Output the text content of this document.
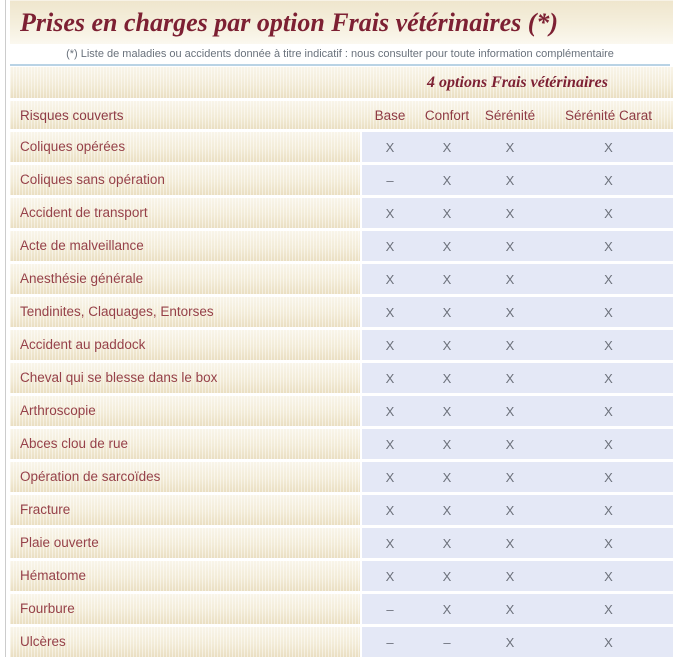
Prises en charges par option Frais vétérinaires (*)
(*) Liste de maladies ou accidents donnée à titre indicatif : nous consulter pour toute information complémentaire
4 options Frais vétérinaires
Risques couverts	Base	Confort	Sérénité	Sérénité Carat
Coliques opérées	X	X	X	X
Coliques sans opération	–	X	X	X
Accident de transport	X	X	X	X
Acte de malveillance	X	X	X	X
Anesthésie générale	X	X	X	X
Tendinites, Claquages, Entorses	X	X	X	X
Accident au paddock	X	X	X	X
Cheval qui se blesse dans le box	X	X	X	X
Arthroscopie	X	X	X	X
Abces clou de rue	X	X	X	X
Opération de sarcoïdes	X	X	X	X
Fracture	X	X	X	X
Plaie ouverte	X	X	X	X
Hématome	X	X	X	X
Fourbure	–	X	X	X
Ulcères	–	–	X	X
